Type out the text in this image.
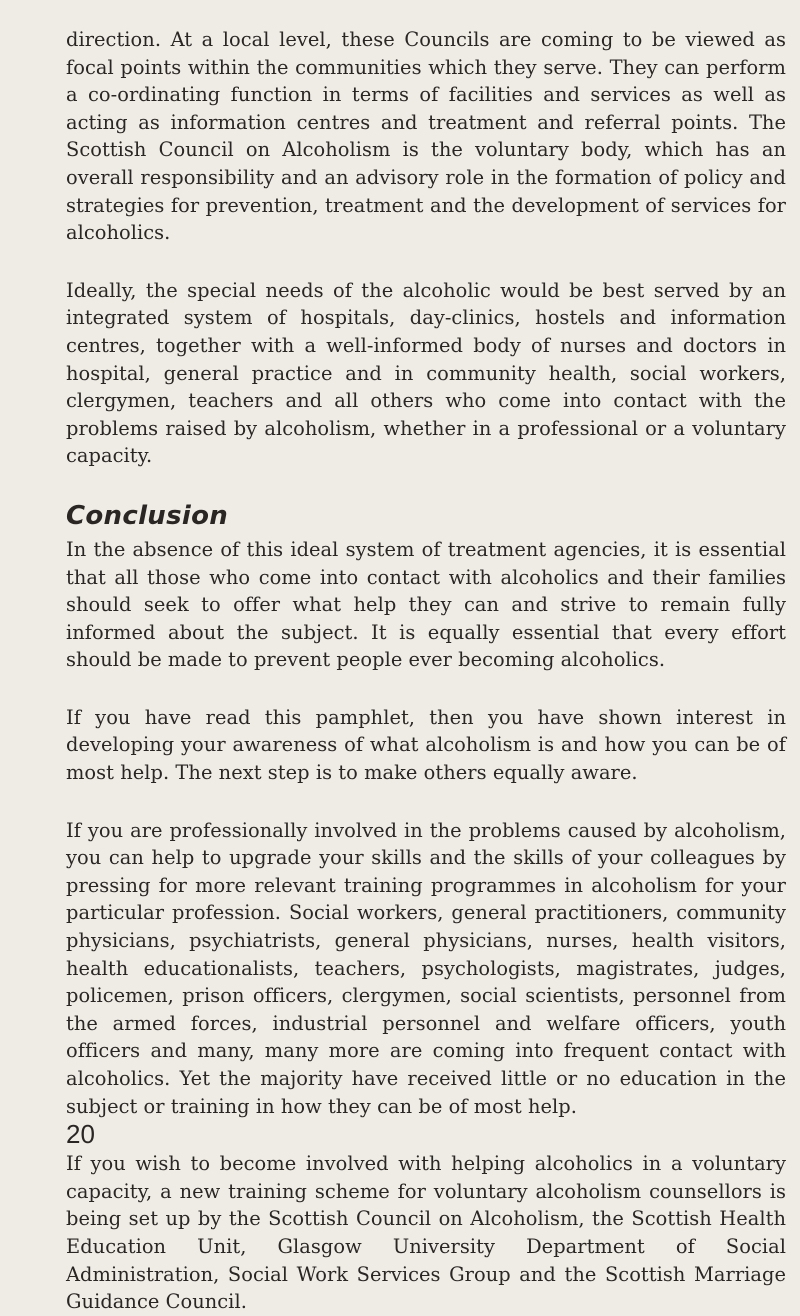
direction. At a local level, these Councils are coming to be viewed as focal points within the communities which they serve. They can perform a co-ordinating function in terms of facilities and services as well as acting as information centres and treatment and referral points. The Scottish Council on Alcoholism is the voluntary body, which has an overall responsibility and an advisory role in the formation of policy and strategies for prevention, treatment and the development of services for alcoholics.

Ideally, the special needs of the alcoholic would be best served by an integrated system of hospitals, day-clinics, hostels and information centres, together with a well-informed body of nurses and doctors in hospital, general practice and in community health, social workers, clergymen, teachers and all others who come into contact with the problems raised by alcoholism, whether in a professional or a voluntary capacity.

Conclusion

In the absence of this ideal system of treatment agencies, it is essential that all those who come into contact with alcoholics and their families should seek to offer what help they can and strive to remain fully informed about the subject. It is equally essential that every effort should be made to prevent people ever becoming alcoholics.

If you have read this pamphlet, then you have shown interest in developing your awareness of what alcoholism is and how you can be of most help. The next step is to make others equally aware.

If you are professionally involved in the problems caused by alcoholism, you can help to upgrade your skills and the skills of your colleagues by pressing for more relevant training programmes in alcoholism for your particular profession. Social workers, general practitioners, community physicians, psychiatrists, general physicians, nurses, health visitors, health educationalists, teachers, psychologists, magistrates, judges, policemen, prison officers, clergymen, social scientists, personnel from the armed forces, industrial personnel and welfare officers, youth officers and many, many more are coming into frequent contact with alcoholics. Yet the majority have received little or no education in the subject or training in how they can be of most help.

If you wish to become involved with helping alcoholics in a voluntary capacity, a new training scheme for voluntary alcoholism counsellors is being set up by the Scottish Council on Alcoholism, the Scottish Health Education Unit, Glasgow University Department of Social Administration, Social Work Services Group and the Scottish Marriage Guidance Council.

20
